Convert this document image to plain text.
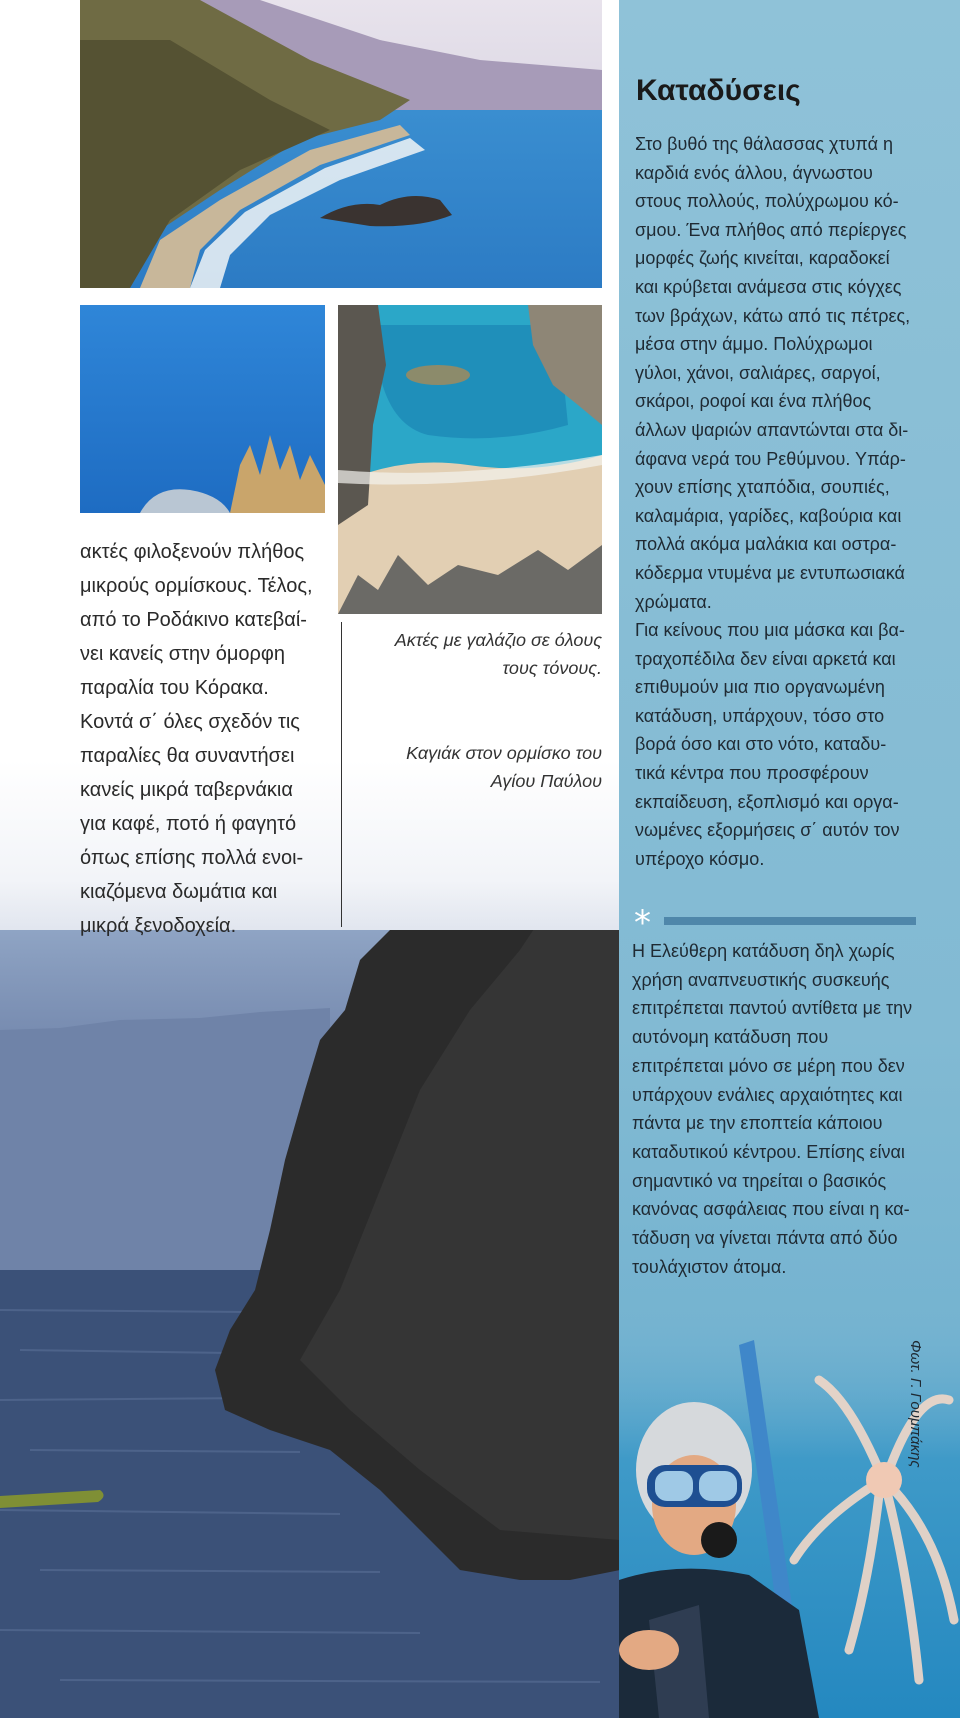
ακτές φιλοξενούν πλήθος μικρούς ορμίσκους. Τέλος, από το Ροδάκινο κατεβαί-νει κανείς στην όμορφη παραλία του Κόρακα. Κοντά σ΄ όλες σχεδόν τις παραλίες θα συναντήσει κανείς μικρά ταβερνάκια για καφέ, ποτό ή φαγητό όπως επίσης πολλά ενοι-κιαζόμενα δωμάτια και μικρά ξενοδοχεία.
Ακτές με γαλάζιο σε όλους τους τόνους.
Καγιάκ στον ορμίσκο του Αγίου Παύλου
Καταδύσεις

Στο βυθό της θάλασσας χτυπά η καρδιά ενός άλλου, άγνωστου στους πολλούς, πολύχρωμου κό-σμου. Ένα πλήθος από περίεργες μορφές ζωής κινείται, καραδοκεί και κρύβεται ανάμεσα στις κόγχες των βράχων, κάτω από τις πέτρες, μέσα στην άμμο. Πολύχρωμοι γύλοι, χάνοι, σαλιάρες, σαργοί, σκάροι, ροφοί και ένα πλήθος άλλων ψαριών απαντώνται στα δι-άφανα νερά του Ρεθύμνου. Υπάρ-χουν επίσης χταπόδια, σουπιές, καλαμάρια, γαρίδες, καβούρια και πολλά ακόμα μαλάκια και οστρα-κόδερμα ντυμένα με εντυπωσιακά χρώματα.

Για κείνους που μια μάσκα και βα-τραχοπέδιλα δεν είναι αρκετά και επιθυμούν μια πιο οργανωμένη κατάδυση, υπάρχουν, τόσο στο βορά όσο και στο νότο, καταδυ-τικά κέντρα που προσφέρουν εκπαίδευση, εξοπλισμό και οργα-νωμένες εξορμήσεις σ΄ αυτόν τον υπέροχο κόσμο.

*
Η Ελεύθερη κατάδυση δηλ χωρίς χρήση αναπνευστικής συσκευής επιτρέπεται παντού αντίθετα με την αυτόνομη κατάδυση που επιτρέπεται μόνο σε μέρη που δεν υπάρχουν ενάλιες αρχαιότητες και πάντα με την εποπτεία κάποιου καταδυτικού κέντρου. Επίσης είναι σημαντικό να τηρείται ο βασικός κανόνας ασφάλειας που είναι η κα-τάδυση να γίνεται πάντα από δύο τουλάχιστον άτομα.
Φωτ. Γ. Γουμπάκης
